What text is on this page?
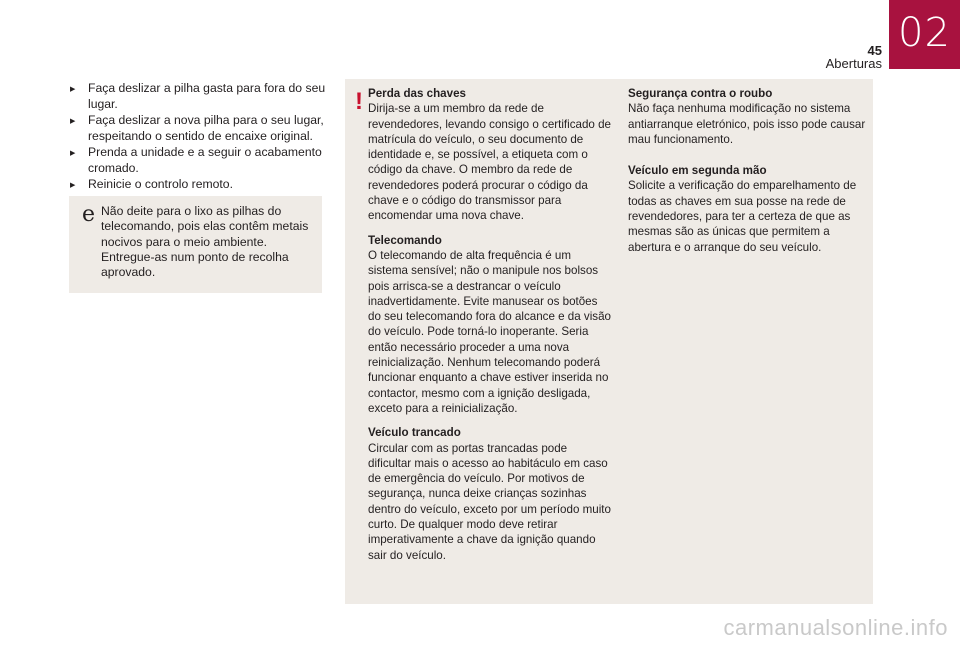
02
45
Aberturas
▶ Faça deslizar a pilha gasta para fora do seu lugar.
▶ Faça deslizar a nova pilha para o seu lugar, respeitando o sentido de encaixe original.
▶ Prenda a unidade e a seguir o acabamento cromado.
▶ Reinicie o controlo remoto.
e Não deite para o lixo as pilhas do telecomando, pois elas contêm metais nocivos para o meio ambiente. Entregue-as num ponto de recolha aprovado.
! Perda das chaves

Dirija-se a um membro da rede de revendedores, levando consigo o certificado de matrícula do veículo, o seu documento de identidade e, se possível, a etiqueta com o código da chave. O membro da rede de revendedores poderá procurar o código da chave e o código do transmissor para encomendar uma nova chave.

Telecomando

O telecomando de alta frequência é um sistema sensível; não o manipule nos bolsos pois arrisca-se a destrancar o veículo inadvertidamente. Evite manusear os botões do seu telecomando fora do alcance e da visão do veículo. Pode torná-lo inoperante. Seria então necessário proceder a uma nova reinicialização. Nenhum telecomando poderá funcionar enquanto a chave estiver inserida no contactor, mesmo com a ignição desligada, exceto para a reinicialização.

Veículo trancado

Circular com as portas trancadas pode dificultar mais o acesso ao habitáculo em caso de emergência do veículo. Por motivos de segurança, nunca deixe crianças sozinhas dentro do veículo, exceto por um período muito curto. De qualquer modo deve retirar imperativamente a chave da ignição quando sair do veículo.

Segurança contra o roubo

Não faça nenhuma modificação no sistema antiarranque eletrónico, pois isso pode causar mau funcionamento.

Veículo em segunda mão

Solicite a verificação do emparelhamento de todas as chaves em sua posse na rede de revendedores, para ter a certeza de que as mesmas são as únicas que permitem a abertura e o arranque do seu veículo.

carmanualsonline.info
